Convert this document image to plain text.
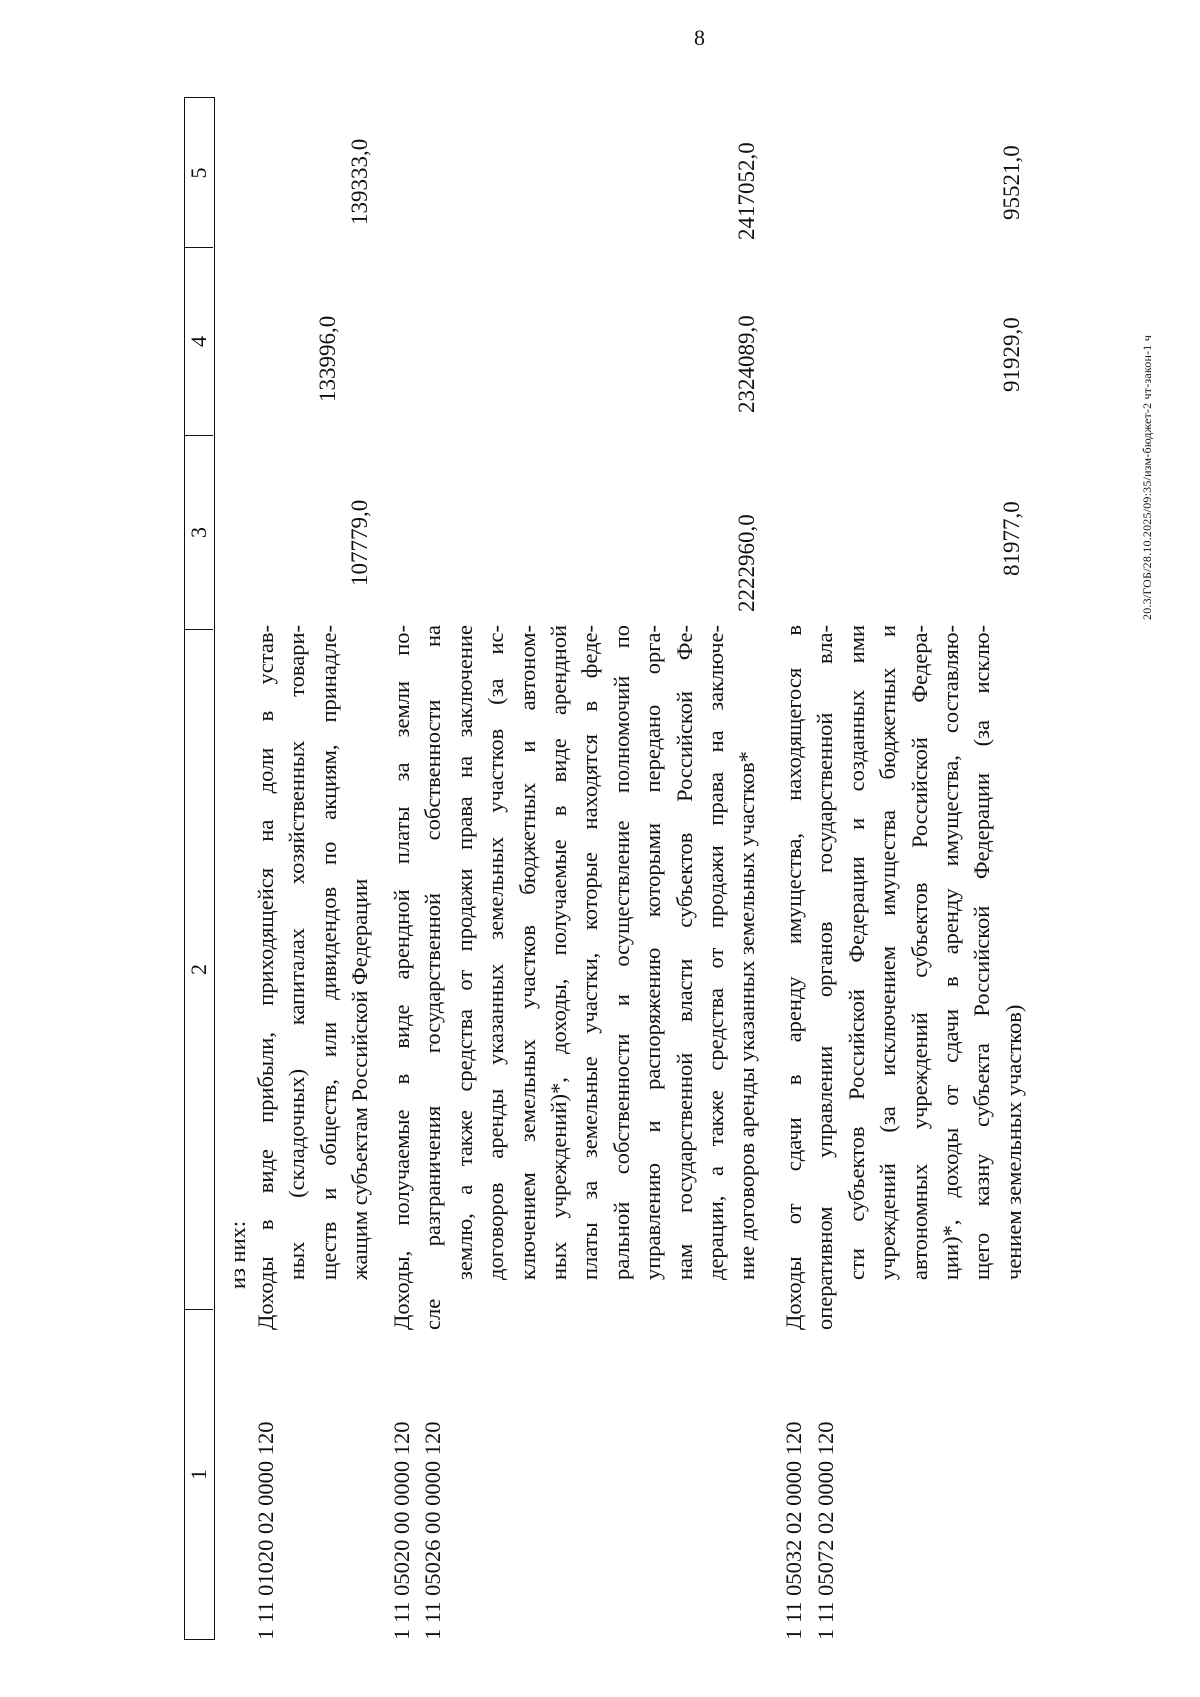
8
20.3/ГОБ/28.10.2025/09:35/изм-бюджет-2 чт-закон-1 ч
1
2
3
4
5
из них:
1 11 01020 02 0000 120
Доходы в виде прибыли, приходящейся на доли в устав- ных (складочных) капиталах хозяйственных товари- ществ и обществ, или дивидендов по акциям, принадле- жащим субъектам Российской Федерации
107779,0
133996,0
139333,0
1 11 05020 00 0000 120 1 11 05026 00 0000 120
Доходы, получаемые в виде арендной платы за земли по- сле разграничения государственной собственности на землю, а также средства от продажи права на заключение договоров аренды указанных земельных участков (за ис- ключением земельных участков бюджетных и автоном- ных учреждений)*, доходы, получаемые в виде арендной платы за земельные участки, которые находятся в феде- ральной собственности и осуществление полномочий по управлению и распоряжению которыми передано орга- нам государственной власти субъектов Российской Фе- дерации, а также средства от продажи права на заключе- ние договоров аренды указанных земельных участков*
2222960,0
2324089,0
2417052,0
1 11 05032 02 0000 120 1 11 05072 02 0000 120
Доходы от сдачи в аренду имущества, находящегося в оперативном управлении органов государственной вла- сти субъектов Российской Федерации и созданных ими учреждений (за исключением имущества бюджетных и автономных учреждений субъектов Российской Федера- ции)*, доходы от сдачи в аренду имущества, составляю- щего казну субъекта Российской Федерации (за исклю- чением земельных участков)
81977,0
91929,0
95521,0
